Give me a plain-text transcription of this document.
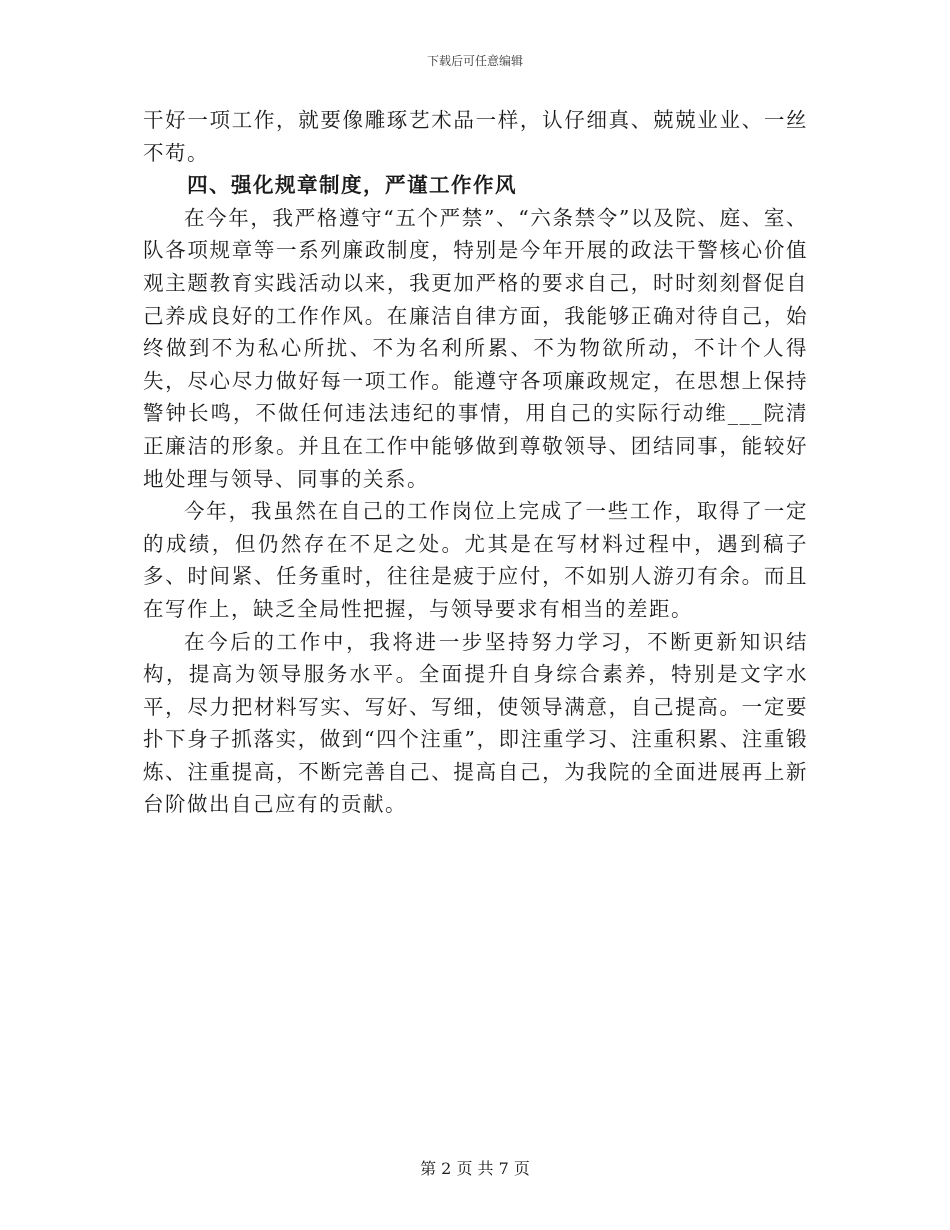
下载后可任意编辑

干好一项工作，就要像雕琢艺术品一样，认仔细真、兢兢业业、一丝不苟。

四、强化规章制度，严谨工作作风

在今年，我严格遵守“五个严禁”、“六条禁令”以及院、庭、室、队各项规章等一系列廉政制度，特别是今年开展的政法干警核心价值观主题教育实践活动以来，我更加严格的要求自己，时时刻刻督促自己养成良好的工作作风。在廉洁自律方面，我能够正确对待自己，始终做到不为私心所扰、不为名利所累、不为物欲所动，不计个人得失，尽心尽力做好每一项工作。能遵守各项廉政规定，在思想上保持警钟长鸣，不做任何违法违纪的事情，用自己的实际行动维___院清正廉洁的形象。并且在工作中能够做到尊敬领导、团结同事，能较好地处理与领导、同事的关系。

今年，我虽然在自己的工作岗位上完成了一些工作，取得了一定的成绩，但仍然存在不足之处。尤其是在写材料过程中，遇到稿子多、时间紧、任务重时，往往是疲于应付，不如别人游刃有余。而且在写作上，缺乏全局性把握，与领导要求有相当的差距。

在今后的工作中，我将进一步坚持努力学习，不断更新知识结构，提高为领导服务水平。全面提升自身综合素养，特别是文字水平，尽力把材料写实、写好、写细，使领导满意，自己提高。一定要扑下身子抓落实，做到“四个注重”，即注重学习、注重积累、注重锻炼、注重提高，不断完善自己、提高自己，为我院的全面进展再上新台阶做出自己应有的贡献。

第 2 页 共 7 页
